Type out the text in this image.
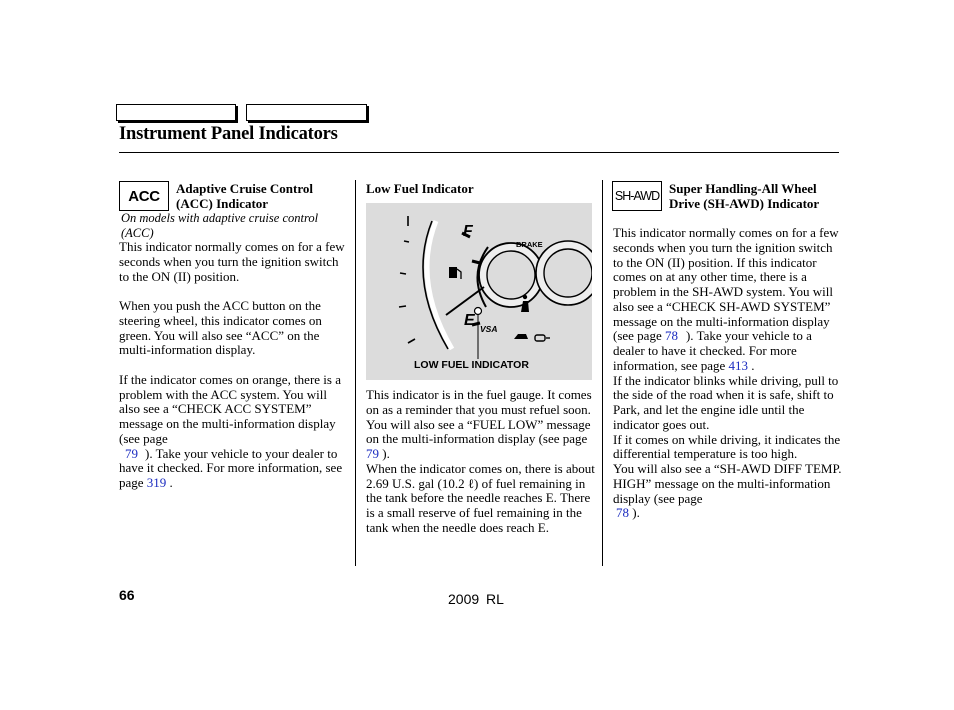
Instrument Panel Indicators
ACC	Adaptive Cruise Control (ACC) Indicator
On models with adaptive cruise control (ACC)

This indicator normally comes on for a few seconds when you turn the ignition switch to the ON (II) position.

When you push the ACC button on the steering wheel, this indicator comes on green. You will also see “ACC” on the multi-information display.

If the indicator comes on orange, there is a problem with the ACC system. You will also see a “CHECK ACC SYSTEM” message on the multi-information display (see page
79 ). Take your vehicle to your dealer to have it checked. For more information, see page 319 .

Low Fuel Indicator
F
E
BRAKE
VSA
LOW FUEL INDICATOR

This indicator is in the fuel gauge. It comes on as a reminder that you must refuel soon. You will also see a “FUEL LOW” message on the multi-information display (see page 79 ).

When the indicator comes on, there is about 2.69 U.S. gal (10.2 ℓ) of fuel remaining in the tank before the needle reaches E. There is a small reserve of fuel remaining in the tank when the needle does reach E.

SH-AWD Super Handling-All Wheel Drive (SH-AWD) Indicator

This indicator normally comes on for a few seconds when you turn the ignition switch to the ON (II) position. If this indicator comes on at any other time, there is a problem in the SH-AWD system. You will also see a “CHECK SH-AWD SYSTEM” message on the multi-information display (see page 78 ). Take your vehicle to a dealer to have it checked. For more information, see page 413 .

If the indicator blinks while driving, pull to the side of the road when it is safe, shift to Park, and let the engine idle until the indicator goes out.

If it comes on while driving, it indicates the differential temperature is too high.

You will also see a “SH-AWD DIFF TEMP. HIGH” message on the multi-information display (see page
78 ).

66	2009 RL
